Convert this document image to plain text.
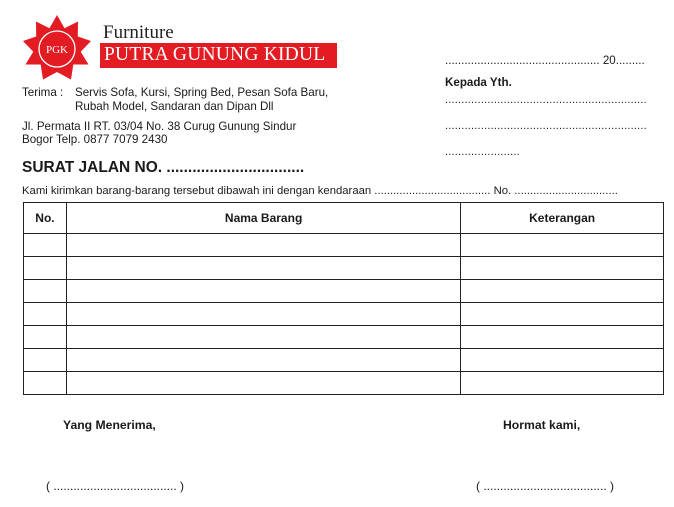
PGK
Furniture
PUTRA GUNUNG KIDUL
Terima : Servis Sofa, Kursi, Spring Bed, Pesan Sofa Baru,
Rubah Model, Sandaran dan Dipan Dll
Jl. Permata II RT. 03/04 No. 38 Curug Gunung Sindur
Bogor Telp. 0877 7079 2430
................................................ 20.........
Kepada Yth.
..............................................................
..............................................................
.......................
SURAT JALAN NO. ................................
Kami kirimkan barang-barang tersebut dibawah ini dengan kendaraan ..................................... No. .................................
No.	Nama Barang	Keterangan

Yang Menerima,	Hormat kami,
( ..................................... )	( ..................................... )
